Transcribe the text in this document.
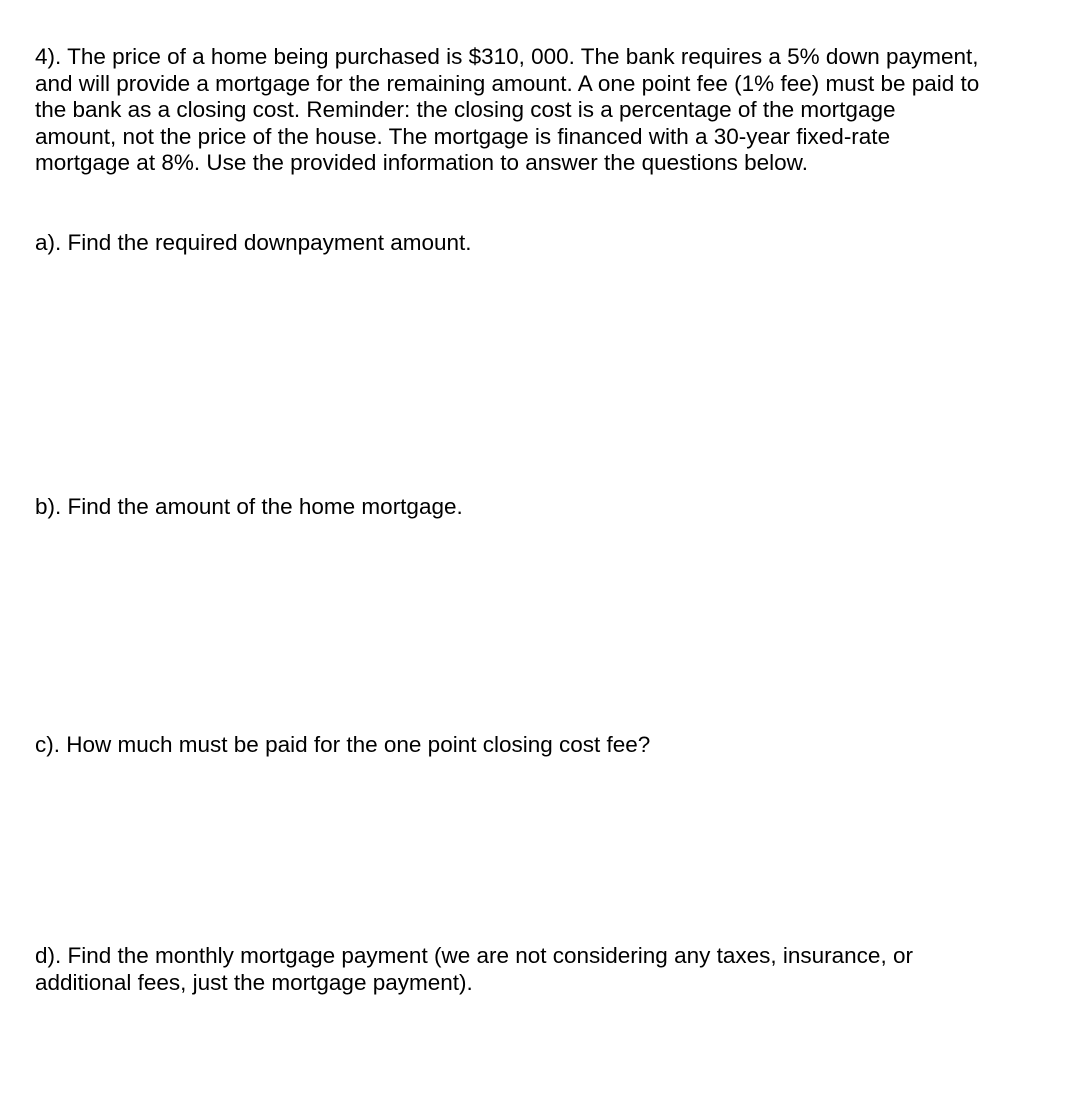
4). The price of a home being purchased is $310, 000. The bank requires a 5% down payment,
and will provide a mortgage for the remaining amount. A one point fee (1% fee) must be paid to
the bank as a closing cost. Reminder: the closing cost is a percentage of the mortgage
amount, not the price of the house. The mortgage is financed with a 30-year fixed-rate
mortgage at 8%. Use the provided information to answer the questions below.
a). Find the required downpayment amount.
b). Find the amount of the home mortgage.
c). How much must be paid for the one point closing cost fee?
d). Find the monthly mortgage payment (we are not considering any taxes, insurance, or
additional fees, just the mortgage payment).
